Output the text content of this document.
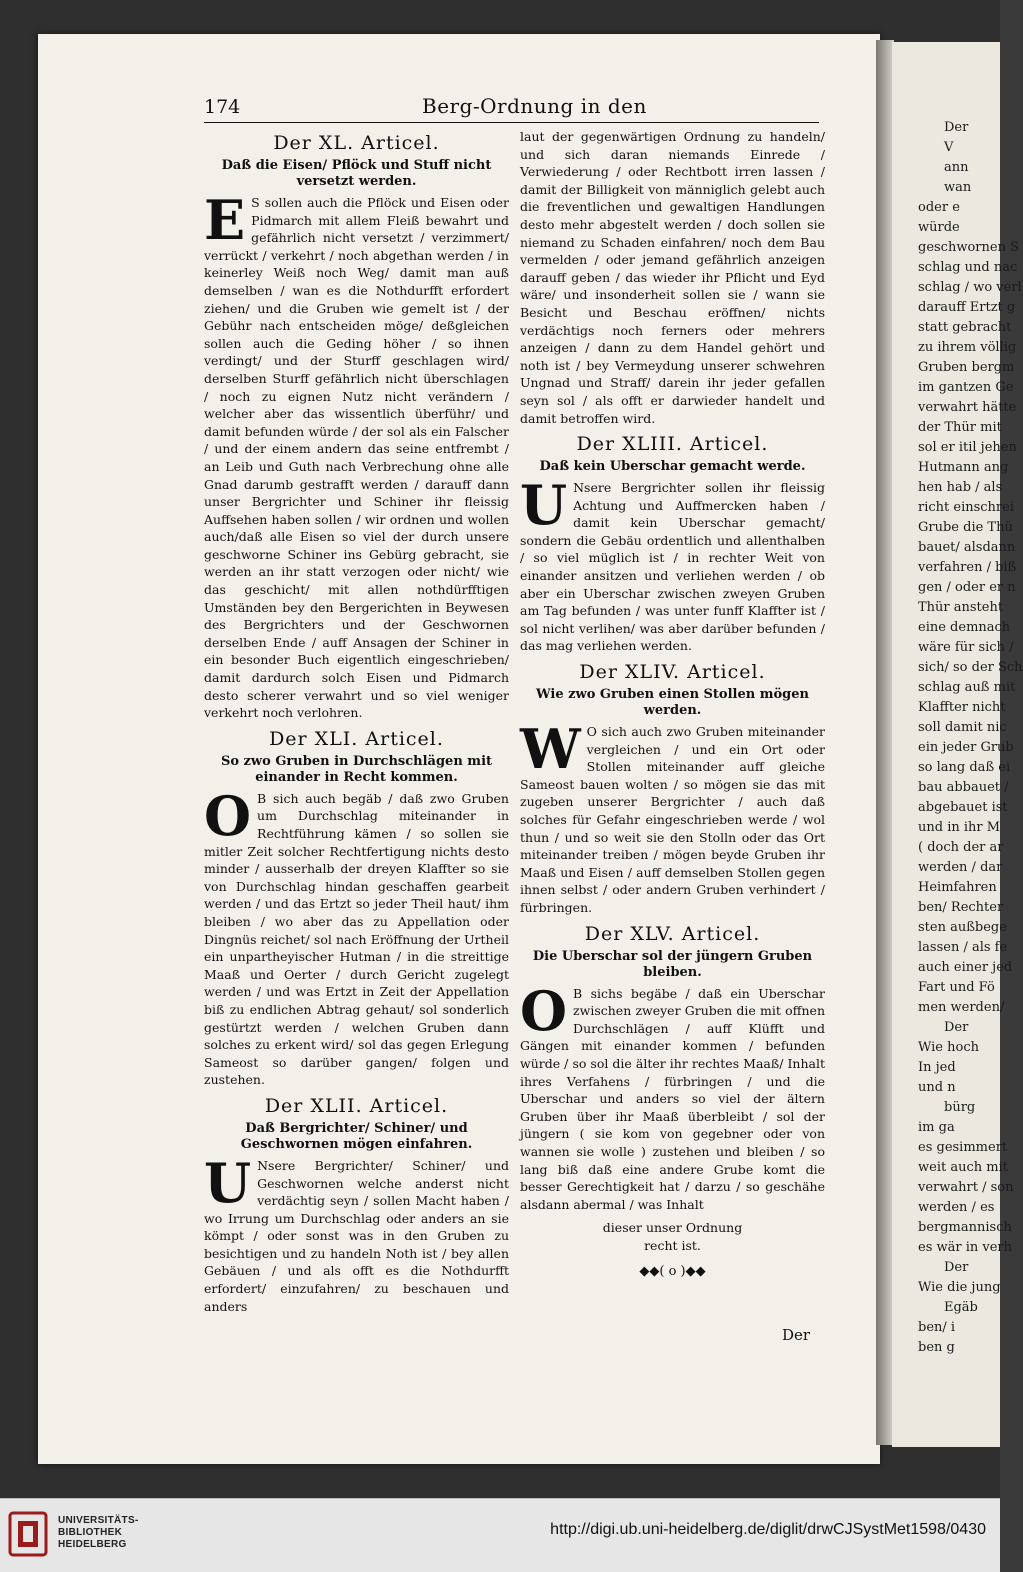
Der
V
ann
wan
oder e
würde
geschwornen S
schlag und nac
schlag / wo verl
darauff Ertzt g
statt gebracht
zu ihrem völlig
Gruben bergm
im gantzen Ge
verwahrt hätte
der Thür mit
sol er itil jehen
Hutmann ang
hen hab / als
richt einschrei
Grube die Thü
bauet/ alsdann
verfahren / biß
gen / oder er n
Thür ansteht
eine demnach
wäre für sich /
sich/ so der Sch
schlag auß mit
Klaffter nicht
soll damit nic
ein jeder Grub
so lang daß ei
bau abbauet /
abgebauet ist
und in ihr M
( doch der ar
werden / dar
Heimfahren
ben/ Rechter
sten außbege
lassen / als fe
auch einer jed
Fart und Fö
men werden/
Der
Wie hoch
In jed
und n
bürg
im ga
es gesimmert
weit auch mit
verwahrt / son
werden / es
bergmannisch
es wär in verh
Der
Wie die jung
Egäb
ben/ i
ben g
174	Berg-Ordnung in den
Der XL. Articel.
Daß die Eisen/ Pflöck und Stuff nicht versetzt werden.

E S sollen auch die Pflöck und Eisen oder Pidmarch mit allem Fleiß bewahrt und gefährlich nicht versetzt / verzimmert/ verrückt / verkehrt / noch abgethan werden / in keinerley Weiß noch Weg/ damit man auß demselben / wan es die Nothdurfft erfordert ziehen/ und die Gruben wie gemelt ist / der Gebühr nach entscheiden möge/ deßgleichen sollen auch die Geding höher / so ihnen verdingt/ und der Sturff geschlagen wird/ derselben Sturff gefährlich nicht überschlagen / noch zu eignen Nutz nicht verändern / welcher aber das wissentlich überführ/ und damit befunden würde / der sol als ein Falscher / und der einem andern das seine entfrembt / an Leib und Guth nach Verbrechung ohne alle Gnad darumb gestrafft werden / darauff dann unser Bergrichter und Schiner ihr fleissig Auffsehen haben sollen / wir ordnen und wollen auch/daß alle Eisen so viel der durch unsere geschworne Schiner ins Gebürg gebracht, sie werden an ihr statt verzogen oder nicht/ wie das geschicht/ mit allen nothdürfftigen Umständen bey den Bergerichten in Beywesen des Bergrichters und der Geschwornen derselben Ende / auff Ansagen der Schiner in ein besonder Buch eigentlich eingeschrieben/ damit dardurch solch Eisen und Pidmarch desto scherer verwahrt und so viel weniger verkehrt noch verlohren.

Der XLI. Articel.
So zwo Gruben in Durchschlägen mit einander in Recht kommen.

O B sich auch begäb / daß zwo Gruben um Durchschlag miteinander in Rechtführung kämen / so sollen sie mitler Zeit solcher Rechtfertigung nichts desto minder / ausserhalb der dreyen Klaffter so sie von Durchschlag hindan geschaffen gearbeit werden / und das Ertzt so jeder Theil haut/ ihm bleiben / wo aber das zu Appellation oder Dingnüs reichet/ sol nach Eröffnung der Urtheil ein unpartheyischer Hutman / in die streittige Maaß und Oerter / durch Gericht zugelegt werden / und was Ertzt in Zeit der Appellation biß zu endlichen Abtrag gehaut/ sol sonderlich gestürtzt werden / welchen Gruben dann solches zu erkent wird/ sol das gegen Erlegung Sameost so darüber gangen/ folgen und zustehen.

Der XLII. Articel.
Daß Bergrichter/ Schiner/ und Geschwornen mögen einfahren.

U Nsere Bergrichter/ Schiner/ und Geschwornen welche anderst nicht verdächtig seyn / sollen Macht haben / wo Irrung um Durchschlag oder anders an sie kömpt / oder sonst was in den Gruben zu besichtigen und zu handeln Noth ist / bey allen Gebäuen / und als offt es die Nothdurfft erfordert/ einzufahren/ zu beschauen und anders

laut der gegenwärtigen Ordnung zu handeln/ und sich daran niemands Einrede / Verwiederung / oder Rechtbott irren lassen / damit der Billigkeit von männiglich gelebt auch die freventlichen und gewaltigen Handlungen desto mehr abgestelt werden / doch sollen sie niemand zu Schaden einfahren/ noch dem Bau vermelden / oder jemand gefährlich anzeigen darauff geben / das wieder ihr Pflicht und Eyd wäre/ und insonderheit sollen sie / wann sie Besicht und Beschau eröffnen/ nichts verdächtigs noch ferners oder mehrers anzeigen / dann zu dem Handel gehört und noth ist / bey Vermeydung unserer schwehren Ungnad und Straff/ darein ihr jeder gefallen seyn sol / als offt er darwieder handelt und damit betroffen wird.

Der XLIII. Articel.
Daß kein Uberschar gemacht werde.

U Nsere Bergrichter sollen ihr fleissig Achtung und Auffmercken haben / damit kein Uberschar gemacht/ sondern die Gebäu ordentlich und allenthalben / so viel müglich ist / in rechter Weit von einander ansitzen und verliehen werden / ob aber ein Uberschar zwischen zweyen Gruben am Tag befunden / was unter funff Klaffter ist / sol nicht verlihen/ was aber darüber befunden / das mag verliehen werden.

Der XLIV. Articel.
Wie zwo Gruben einen Stollen mögen werden.

W O sich auch zwo Gruben miteinander vergleichen / und ein Ort oder Stollen miteinander auff gleiche Sameost bauen wolten / so mögen sie das mit zugeben unserer Bergrichter / auch daß solches für Gefahr eingeschrieben werde / wol thun / und so weit sie den Stolln oder das Ort miteinander treiben / mögen beyde Gruben ihr Maaß und Eisen / auff demselben Stollen gegen ihnen selbst / oder andern Gruben verhindert / fürbringen.

Der XLV. Articel.
Die Uberschar sol der jüngern Gruben bleiben.

O B sichs begäbe / daß ein Uberschar zwischen zweyer Gruben die mit offnen Durchschlägen / auff Klüfft und Gängen mit einander kommen / befunden würde / so sol die älter ihr rechtes Maaß/ Inhalt ihres Verfahens / fürbringen / und die Uberschar und anders so viel der ältern Gruben über ihr Maaß überbleibt / sol der jüngern ( sie kom von gegebner oder von wannen sie wolle ) zustehen und bleiben / so lang biß daß eine andere Grube komt die besser Gerechtigkeit hat / darzu / so geschähe alsdann abermal / was Inhalt

dieser unser Ordnung
recht ist.
◆◆( o )◆◆
Der
UNIVERSITÄTS-
BIBLIOTHEK
HEIDELBERG
http://digi.ub.uni-heidelberg.de/diglit/drwCJSystMet1598/0430
